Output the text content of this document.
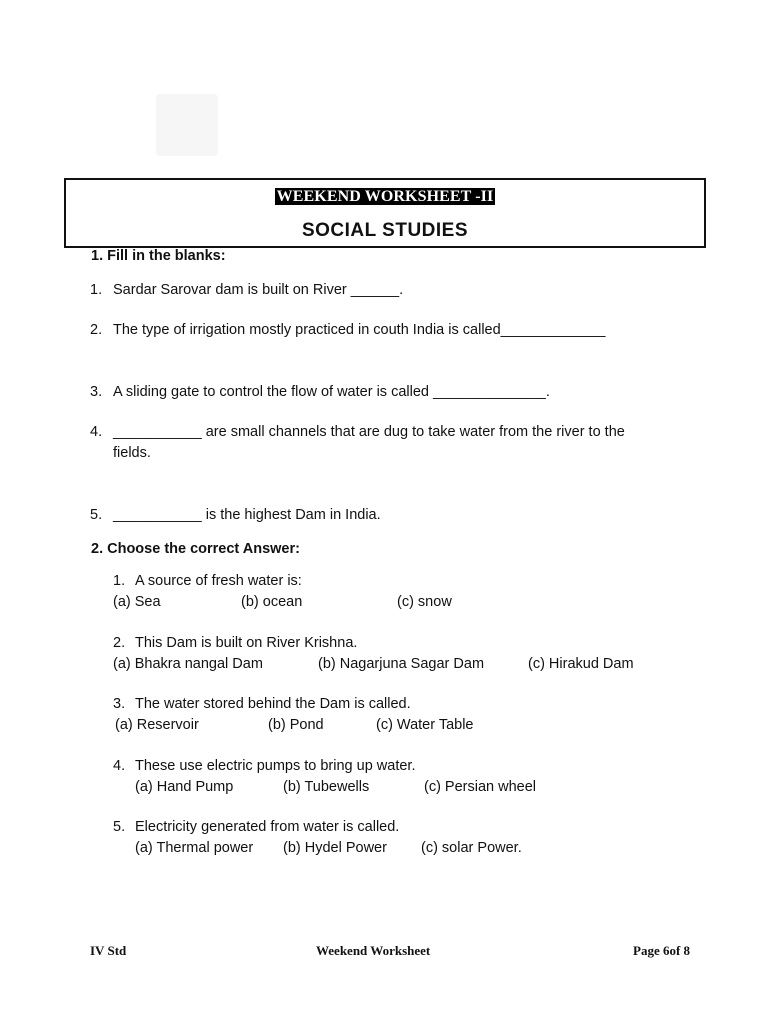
WEEKEND WORKSHEET -II
SOCIAL STUDIES
1. Fill in the blanks:
1. Sardar Sarovar dam is built on River ______.
2. The type of irrigation mostly practiced in couth India is called_____________
3. A sliding gate to control the flow of water is called ______________.
4. ___________ are small channels that are dug to take water from the river to the
fields.
5. ___________ is the highest Dam in India.
2. Choose the correct Answer:
1. A source of fresh water is:
(a) Sea	(b) ocean	(c) snow
2. This Dam is built on River Krishna.
(a) Bhakra nangal Dam	(b) Nagarjuna Sagar Dam	(c) Hirakud Dam
3. The water stored behind the Dam is called.
(a) Reservoir	(b) Pond	(c) Water Table
4. These use electric pumps to bring up water.
(a) Hand Pump	(b) Tubewells	(c) Persian wheel
5. Electricity generated from water is called.
(a) Thermal power (b) Hydel Power (c) solar Power.
IV Std	Weekend Worksheet	Page 6of 8
